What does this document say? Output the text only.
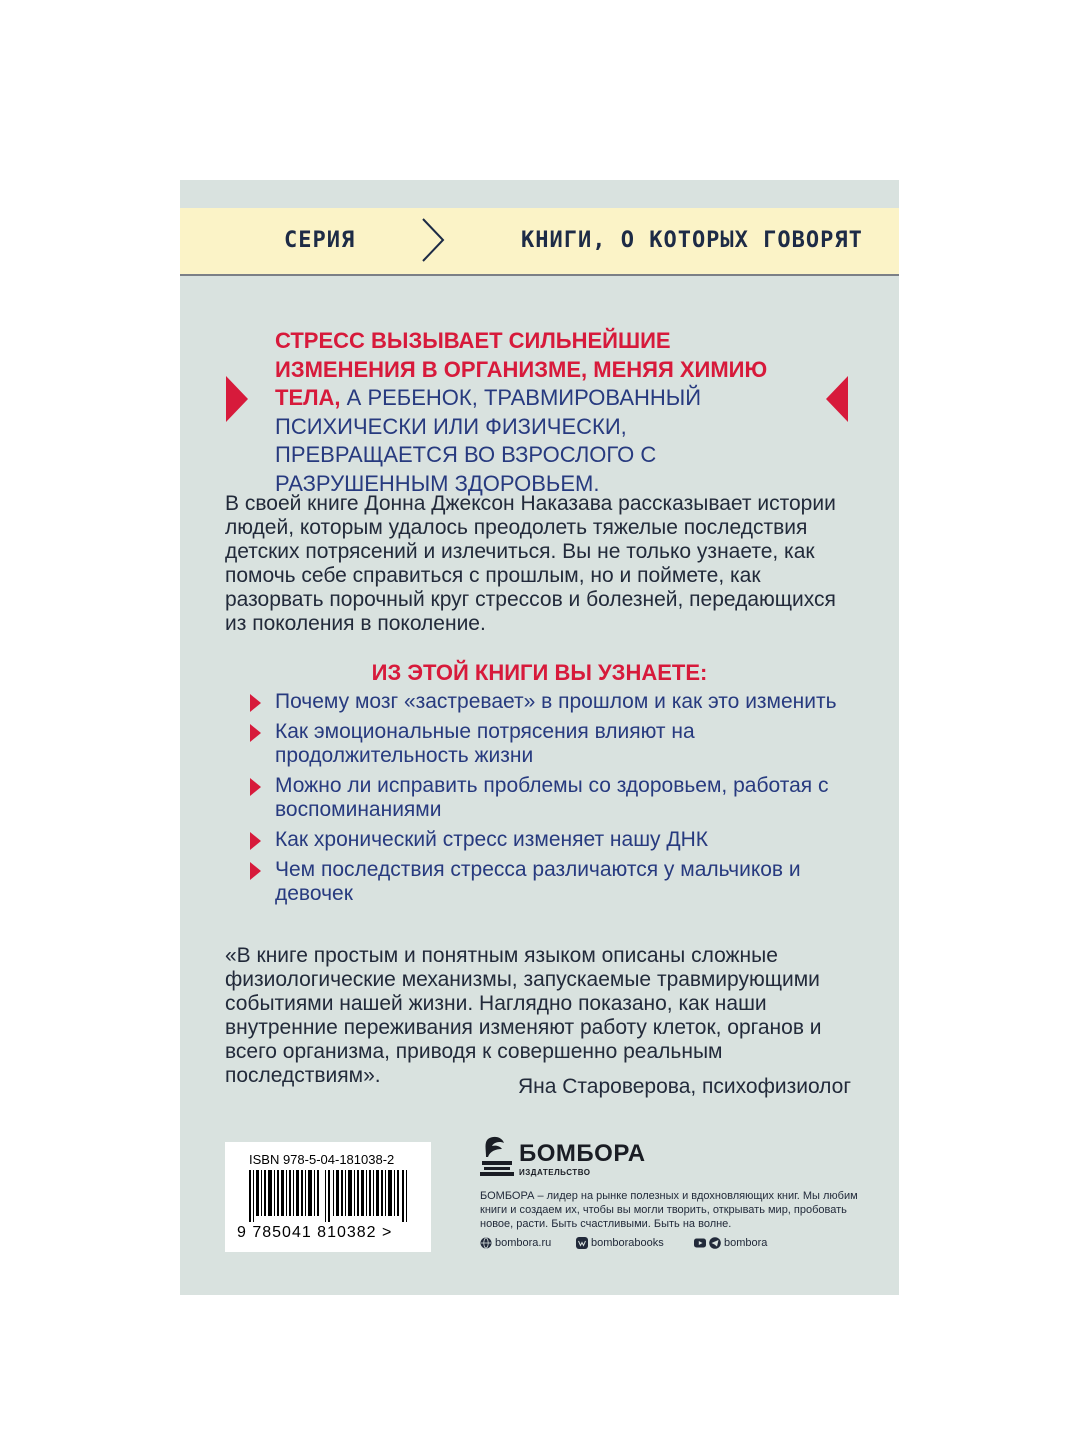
СЕРИЯ	КНИГИ, О КОТОРЫХ ГОВОРЯТ
СТРЕСС ВЫЗЫВАЕТ СИЛЬНЕЙШИЕ ИЗМЕНЕНИЯ В ОРГАНИЗМЕ, МЕНЯЯ ХИМИЮ ТЕЛА, А РЕБЕНОК, ТРАВМИРОВАННЫЙ ПСИХИЧЕСКИ ИЛИ ФИЗИЧЕСКИ, ПРЕВРАЩАЕТСЯ ВО ВЗРОСЛОГО С РАЗРУШЕННЫМ ЗДОРОВЬЕМ.
В своей книге Донна Джексон Наказава рассказывает истории людей, которым удалось преодолеть тяжелые последствия детских потрясений и излечиться. Вы не только узнаете, как помочь себе справиться с прошлым, но и поймете, как разорвать порочный круг стрессов и болезней, передающихся из поколения в поколение.
ИЗ ЭТОЙ КНИГИ ВЫ УЗНАЕТЕ:
Почему мозг «застревает» в прошлом и как это изменить
Как эмоциональные потрясения влияют на продолжительность жизни
Можно ли исправить проблемы со здоровьем, работая с воспоминаниями
Как хронический стресс изменяет нашу ДНК
Чем последствия стресса различаются у мальчиков и девочек
«В книге простым и понятным языком описаны сложные физиологические механизмы, запускаемые травмирующими событиями нашей жизни. Наглядно показано, как наши внутренние переживания изменяют работу клеток, органов и всего организма, приводя к совершенно реальным последствиям».	Яна Староверова, психофизиолог
ISBN 978-5-04-181038-2
9 785041 810382 >
БОМБОРА
ИЗДАТЕЛЬСТВО
БОМБОРА – лидер на рынке полезных и вдохновляющих книг. Мы любим книги и создаем их, чтобы вы могли творить, открывать мир, пробовать новое, расти. Быть счастливыми. Быть на волне.
bombora.ru	bomborabooks	bombora
